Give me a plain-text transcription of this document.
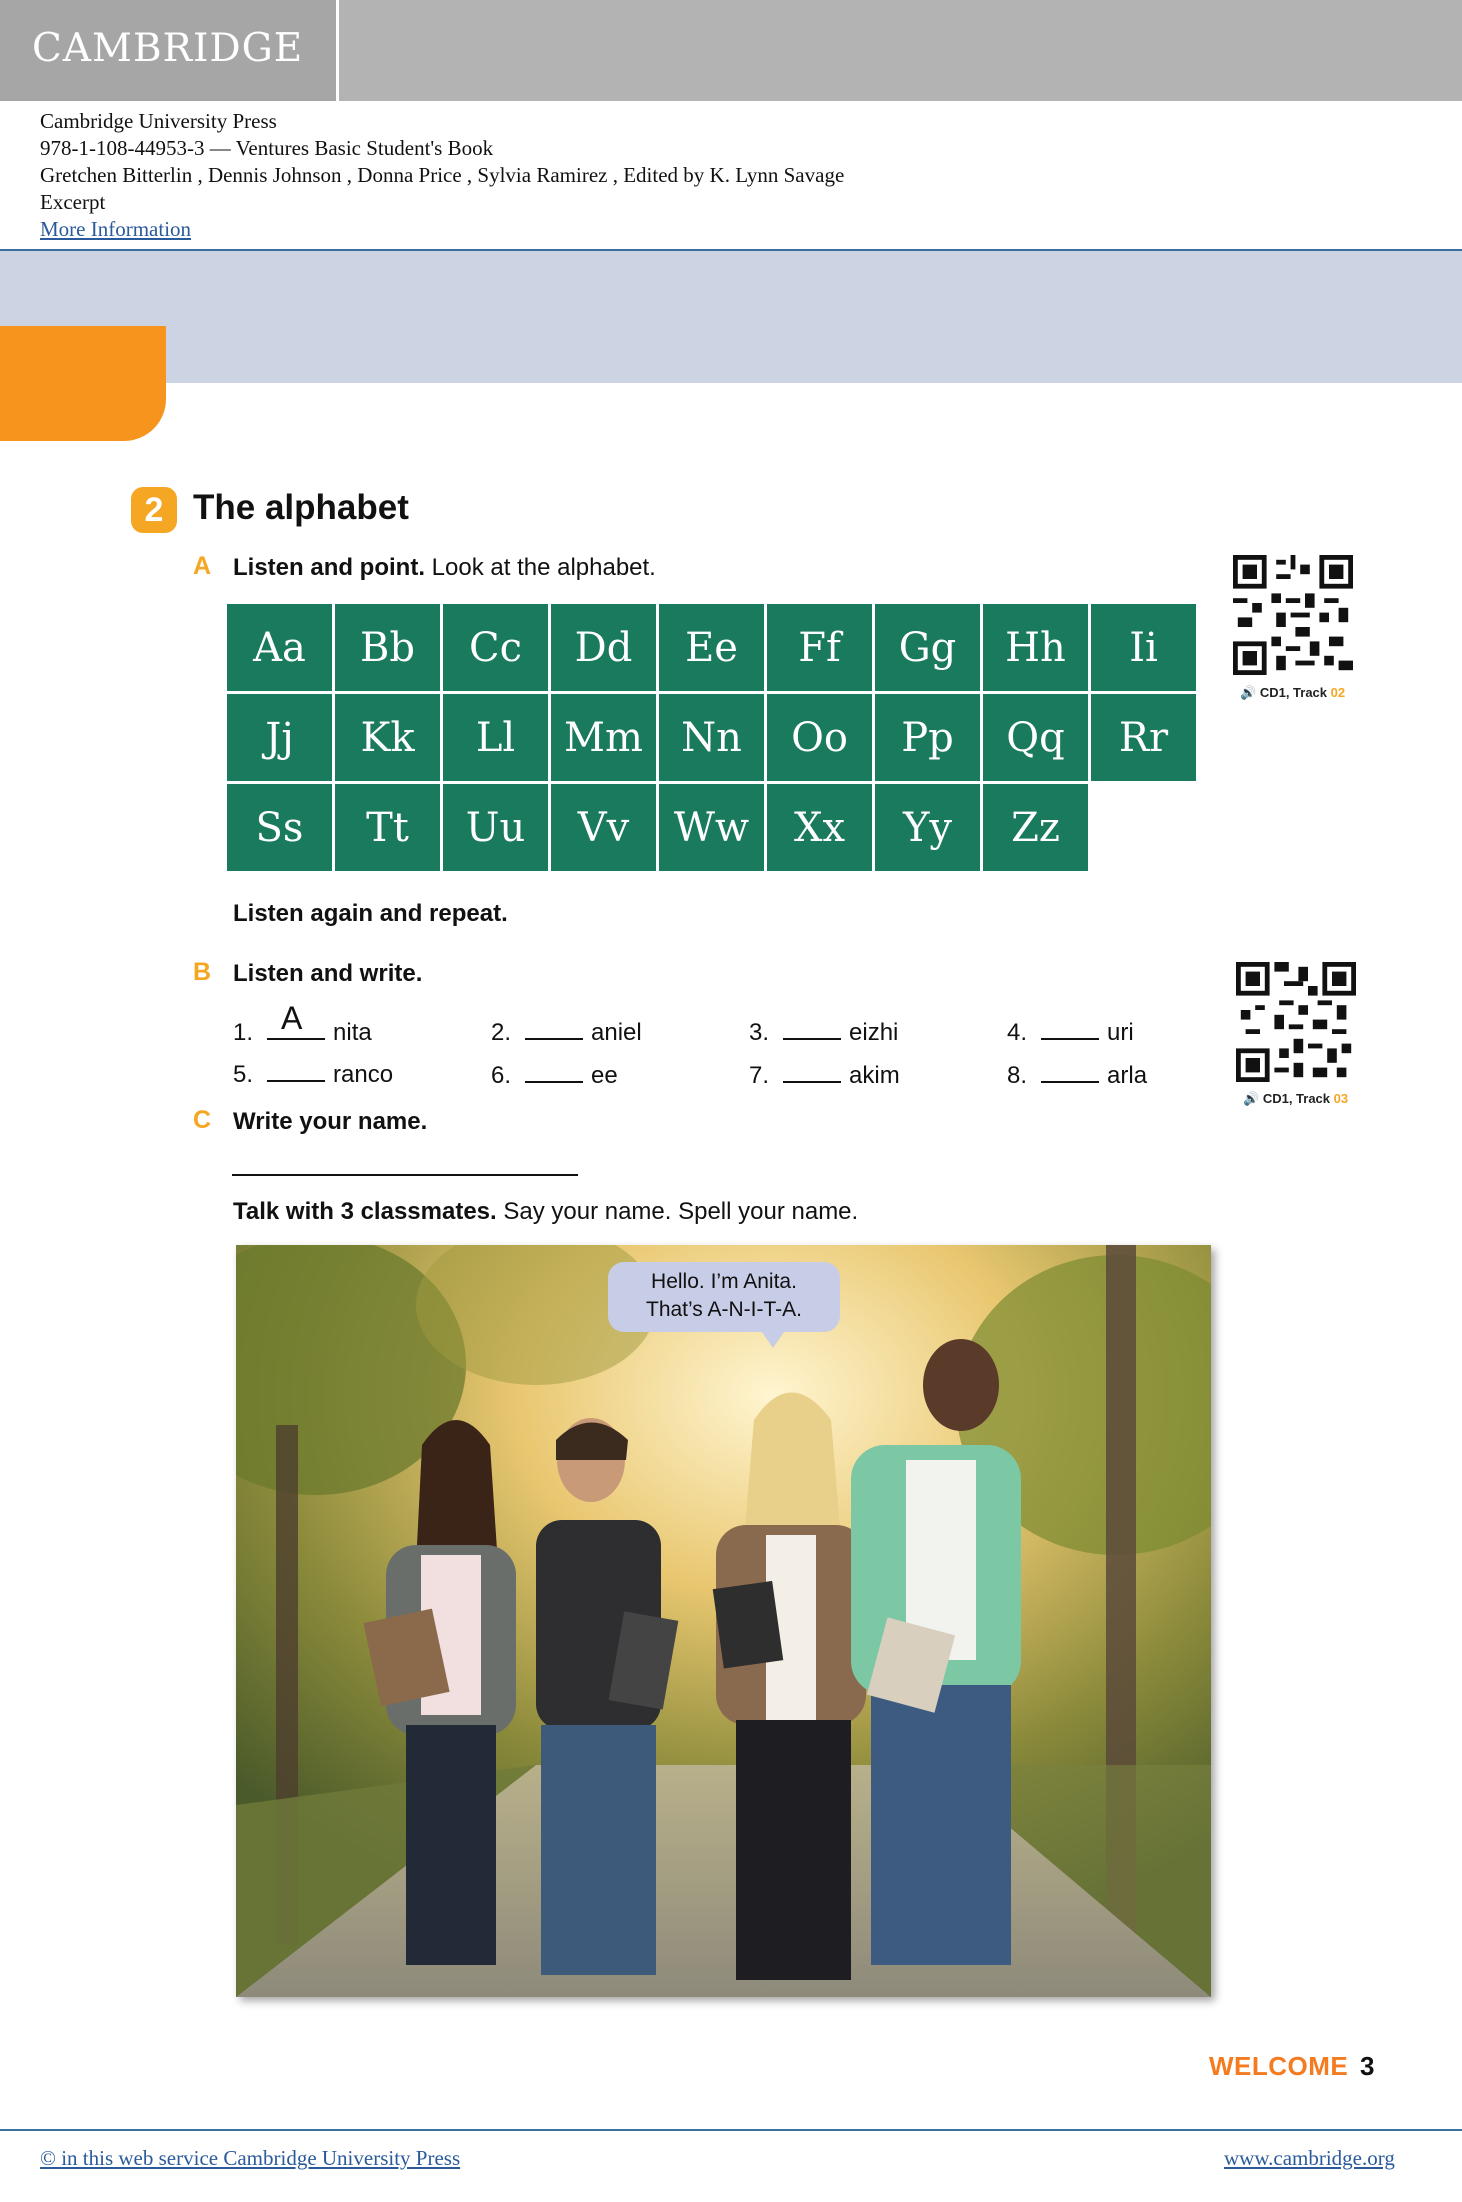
CAMBRIDGE
Cambridge University Press
978-1-108-44953-3 — Ventures Basic Student's Book
Gretchen Bitterlin , Dennis Johnson , Donna Price , Sylvia Ramirez , Edited by K. Lynn Savage
Excerpt
More Information
2 The alphabet
A Listen and point. Look at the alphabet.
Aa	Bb	Cc	Dd	Ee	Ff	Gg	Hh	Ii
Jj	Kk	Ll	Mm Nn	Oo	Pp	Qq	Rr
Ss	Tt	Uu	Vv	Ww	Xx	Yy	Zz
Listen again and repeat.
🔊 CD1, Track 02
B Listen and write.
1. A nita	2.	aniel	3.	eizhi	4.	uri
5.	ranco	6.	ee	7.	akim	8.	arla
🔊 CD1, Track 03
C Write your name.
Talk with 3 classmates. Say your name. Spell your name.
Hello. I’m Anita.
That’s A-N-I-T-A.
WELCOME 3
© in this web service Cambridge University Press	www.cambridge.org
